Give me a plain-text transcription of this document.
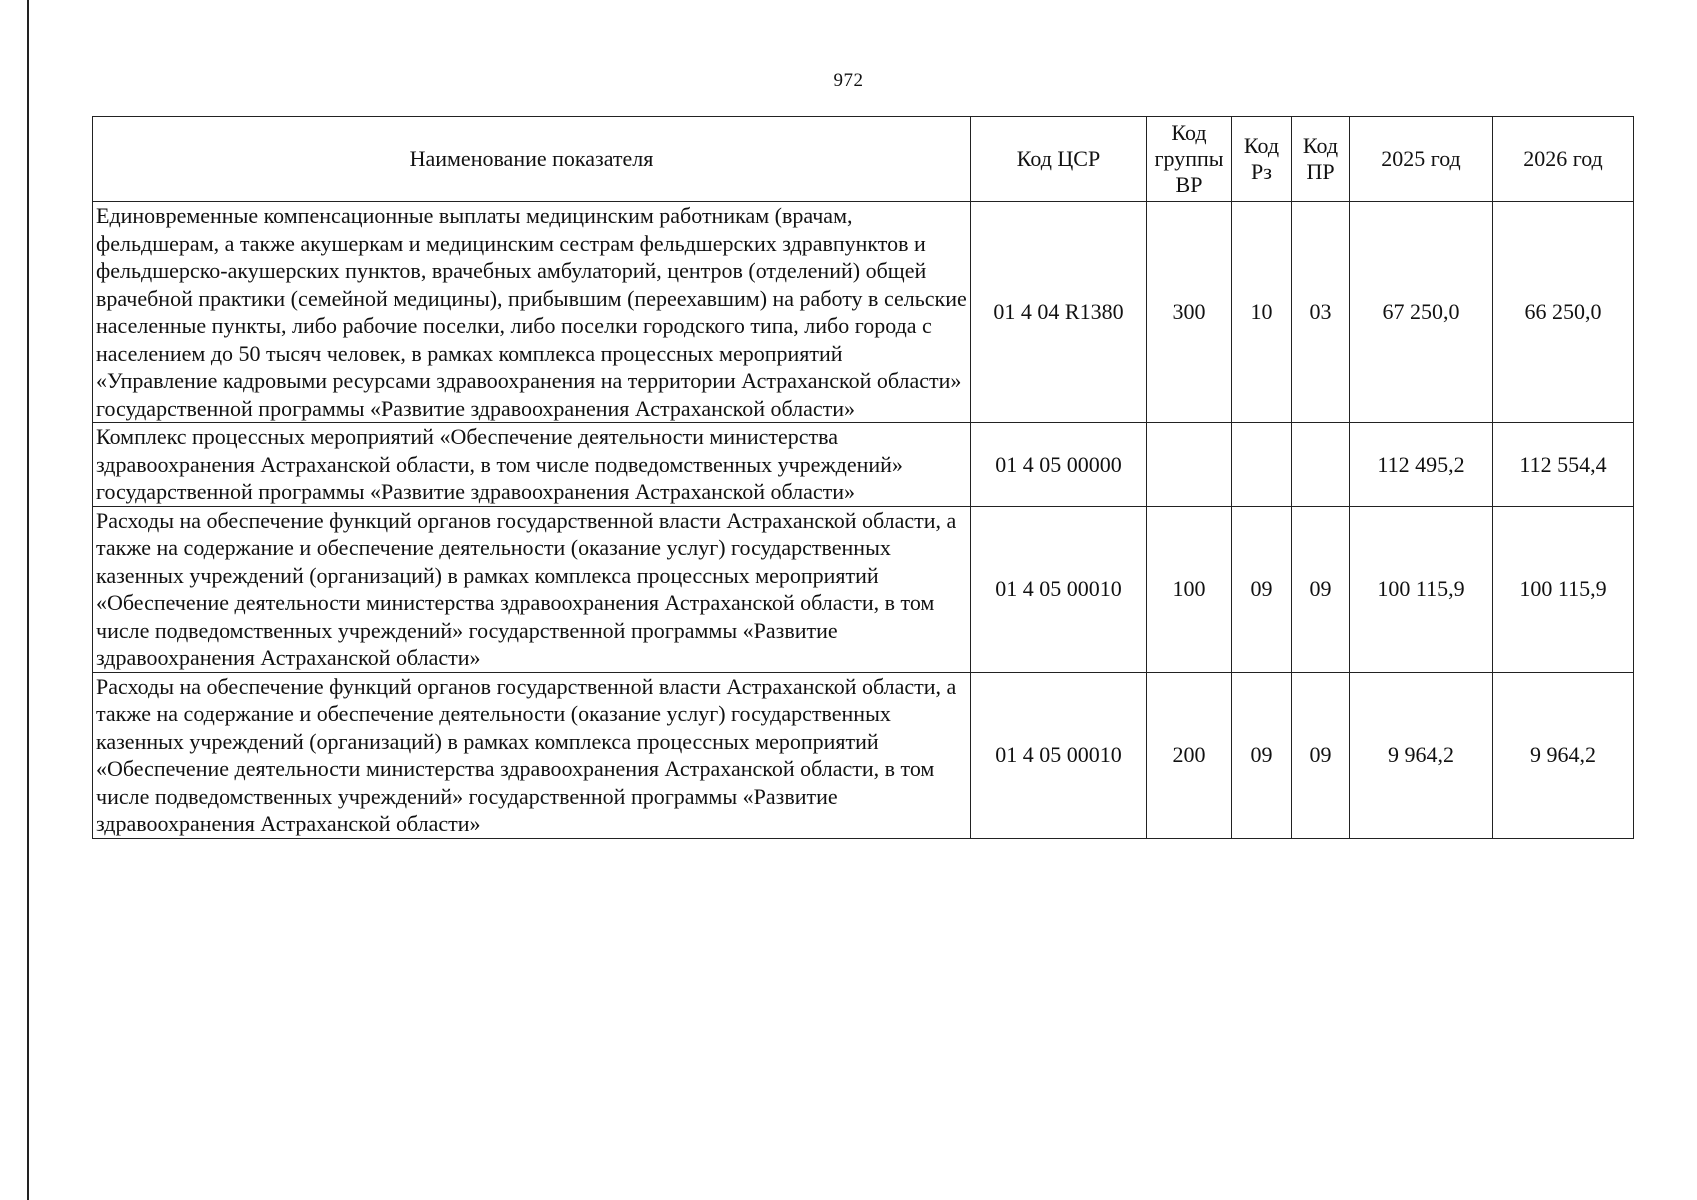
972
Наименование показателя	Код ЦСР	Код группы ВР	Код Рз	Код ПР	2025 год	2026 год
Единовременные компенсационные выплаты медицинским работникам (врачам, фельдшерам, а также акушеркам и медицинским сестрам фельдшерских здравпунктов и фельдшерско-акушерских пунктов, врачебных амбулаторий, центров (отделений) общей врачебной практики (семейной медицины), прибывшим (переехавшим) на работу в сельские населенные пункты, либо рабочие поселки, либо поселки городского типа, либо города с населением до 50 тысяч человек, в рамках комплекса процессных мероприятий «Управление кадровыми ресурсами здравоохранения на территории Астраханской области» государственной программы «Развитие здравоохранения Астраханской области»	01 4 04 R1380	300	10	03	67 250,0	66 250,0
Комплекс процессных мероприятий «Обеспечение деятельности министерства здравоохранения Астраханской области, в том числе подведомственных учреждений» государственной программы «Развитие здравоохранения Астраханской области»	01 4 05 00000				112 495,2	112 554,4
Расходы на обеспечение функций органов государственной власти Астраханской области, а также на содержание и обеспечение деятельности (оказание услуг) государственных казенных учреждений (организаций) в рамках комплекса процессных мероприятий «Обеспечение деятельности министерства здравоохранения Астраханской области, в том числе подведомственных учреждений» государственной программы «Развитие здравоохранения Астраханской области»	01 4 05 00010	100	09	09	100 115,9	100 115,9
Расходы на обеспечение функций органов государственной власти Астраханской области, а также на содержание и обеспечение деятельности (оказание услуг) государственных казенных учреждений (организаций) в рамках комплекса процессных мероприятий «Обеспечение деятельности министерства здравоохранения Астраханской области, в том числе подведомственных учреждений» государственной программы «Развитие здравоохранения Астраханской области»	01 4 05 00010	200	09	09	9 964,2	9 964,2
